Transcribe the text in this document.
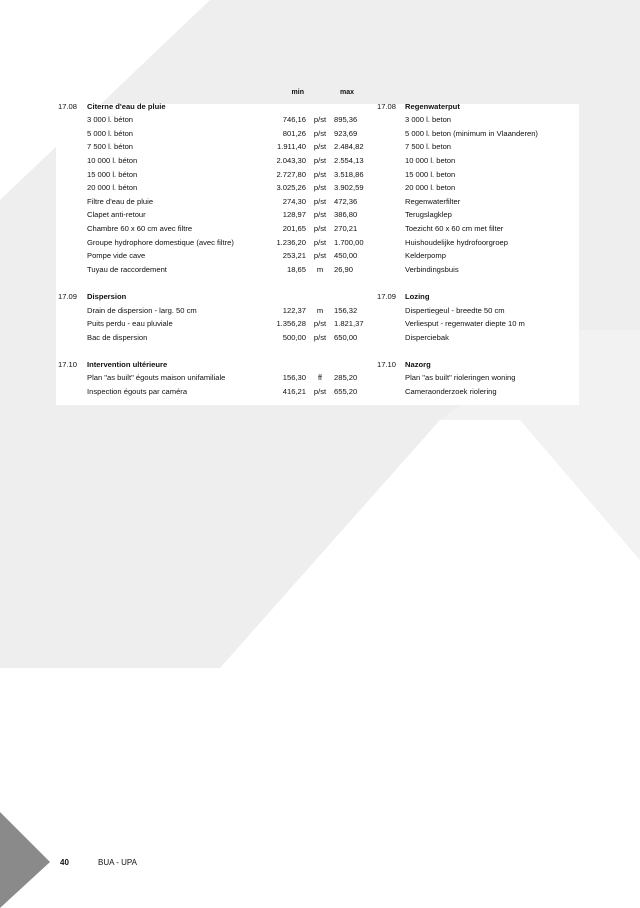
		min		max		
17.08	Citerne d'eau de pluie				17.08	Regenwaterput
	3 000 l. béton	746,16	p/st	895,36		3 000 l. beton
	5 000 l. béton	801,26	p/st	923,69		5 000 l. beton (minimum in Vlaanderen)
	7 500 l. béton	1.911,40	p/st	2.484,82		7 500 l. beton
	10 000 l. béton	2.043,30	p/st	2.554,13		10 000 l. beton
	15 000 l. béton	2.727,80	p/st	3.518,86		15 000 l. beton
	20 000 l. béton	3.025,26	p/st	3.902,59		20 000 l. beton
	Filtre d'eau de pluie	274,30	p/st	472,36		Regenwaterfilter
	Clapet anti-retour	128,97	p/st	386,80		Terugslagklep
	Chambre 60 x 60 cm avec filtre	201,65	p/st	270,21		Toezicht 60 x 60 cm met filter
	Groupe hydrophore domestique (avec filtre)	1.236,20	p/st	1.700,00		Huishoudelijke hydrofoorgroep
	Pompe vide cave	253,21	p/st	450,00		Kelderpomp
	Tuyau de raccordement	18,65	m	26,90		Verbindingsbuis

17.09	Dispersion				17.09	Lozing
	Drain de dispersion - larg. 50 cm	122,37	m	156,32		Dispertiegeul - breedte 50 cm
	Puits perdu - eau pluviale	1.356,28	p/st	1.821,37		Verliesput - regenwater diepte 10 m
	Bac de dispersion	500,00	p/st	650,00		Disperciebak

17.10	Intervention ultérieure				17.10	Nazorg
	Plan "as built" égouts maison unifamiliale	156,30	ff	285,20		Plan "as built" rioleringen woning
	Inspection égouts par caméra	416,21	p/st	655,20		Cameraonderzoek riolering
40	BUA - UPA
